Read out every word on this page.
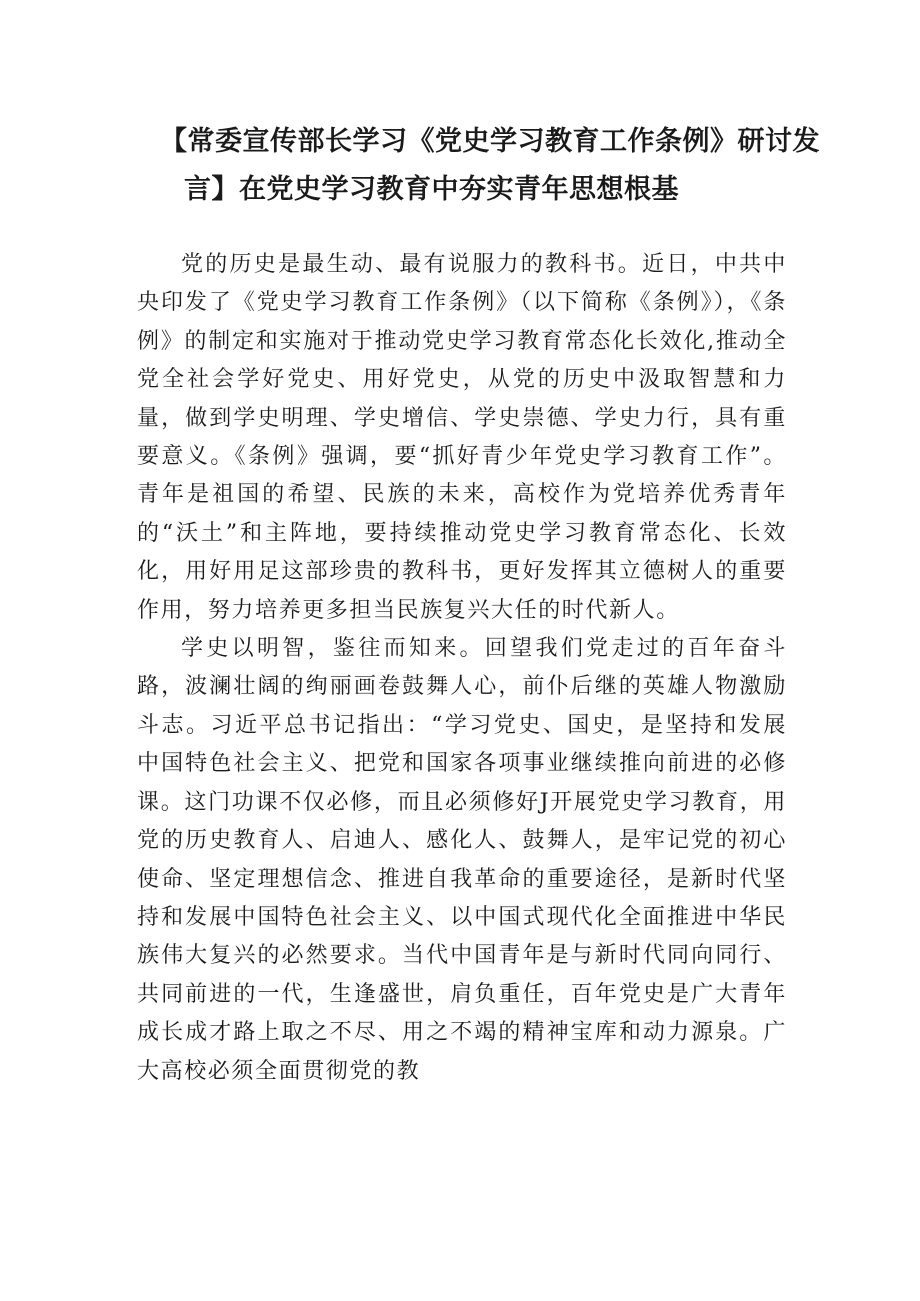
【常委宣传部长学习《党史学习教育工作条例》研讨发
言】在党史学习教育中夯实青年思想根基

党的历史是最生动、最有说服力的教科书。近日，中共中央印发了《党史学习教育工作条例》（以下简称《条例》），《条例》的制定和实施对于推动党史学习教育常态化长效化,推动全党全社会学好党史、用好党史，从党的历史中汲取智慧和力量，做到学史明理、学史增信、学史崇德、学史力行，具有重要意义。《条例》强调，要“抓好青少年党史学习教育工作”。青年是祖国的希望、民族的未来，高校作为党培养优秀青年的“沃土”和主阵地，要持续推动党史学习教育常态化、长效化，用好用足这部珍贵的教科书，更好发挥其立德树人的重要作用，努力培养更多担当民族复兴大任的时代新人。

学史以明智，鉴往而知来。回望我们党走过的百年奋斗路，波澜壮阔的绚丽画卷鼓舞人心，前仆后继的英雄人物激励斗志。习近平总书记指出：“学习党史、国史，是坚持和发展中国特色社会主义、把党和国家各项事业继续推向前进的必修课。这门功课不仅必修，而且必须修好J开展党史学习教育，用党的历史教育人、启迪人、感化人、鼓舞人，是牢记党的初心使命、坚定理想信念、推进自我革命的重要途径，是新时代坚持和发展中国特色社会主义、以中国式现代化全面推进中华民族伟大复兴的必然要求。当代中国青年是与新时代同向同行、共同前进的一代，生逢盛世，肩负重任，百年党史是广大青年成长成才路上取之不尽、用之不竭的精神宝库和动力源泉。广大高校必须全面贯彻党的教
